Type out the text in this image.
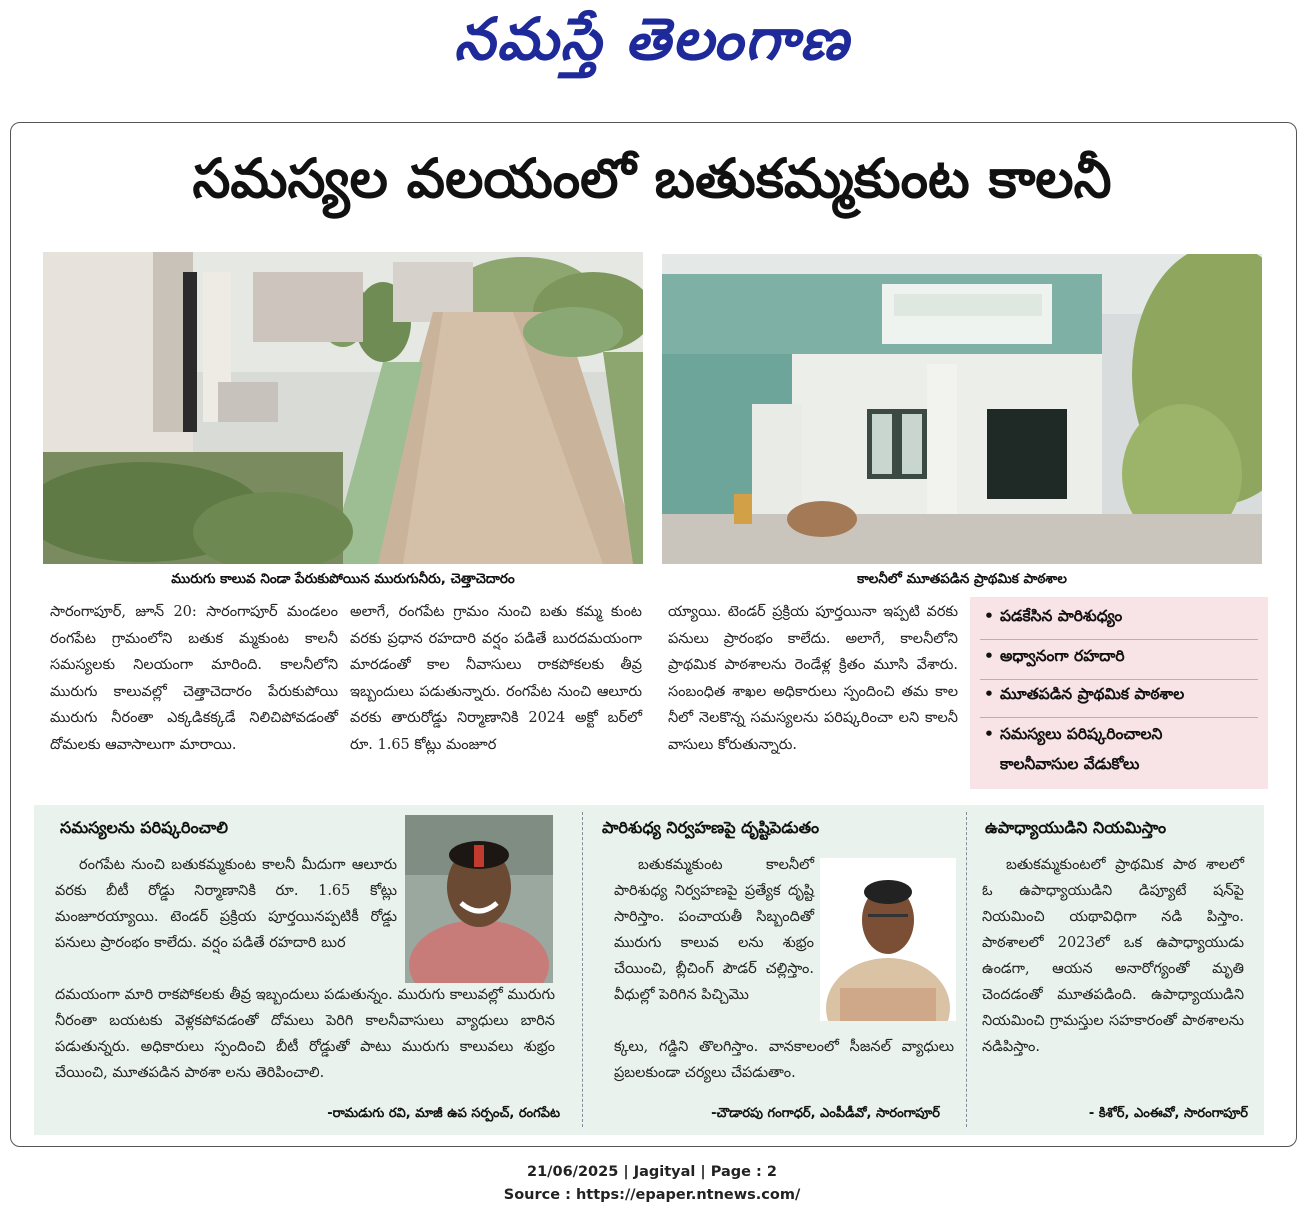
నమస్తే తెలంగాణ
సమస్యల వలయంలో బతుకమ్మకుంట కాలనీ
మురుగు కాలువ నిండా పేరుకుపోయిన మురుగునీరు, చెత్తాచెదారం	కాలనీలో మూతపడిన ప్రాథమిక పాఠశాల
సారంగాపూర్, జూన్ 20: సారంగాపూర్ మండలం రంగపేట గ్రామంలోని బతుక మ్మకుంట కాలనీ సమస్యలకు నిలయంగా మారింది. కాలనీలోని మురుగు కాలువల్లో చెత్తాచెదారం పేరుకుపోయి మురుగు నీరంతా ఎక్కడికక్కడే నిలిచిపోవడంతో దోమలకు ఆవాసాలుగా మారాయి.
అలాగే, రంగపేట గ్రామం నుంచి బతు కమ్మ కుంట వరకు ప్రధాన రహదారి వర్షం పడితే బురదమయంగా మారడంతో కాల నీవాసులు రాకపోకలకు తీవ్ర ఇబ్బందులు పడుతున్నారు. రంగపేట నుంచి ఆలూరు వరకు తారురోడ్డు నిర్మాణానికి 2024 అక్టో బర్‌లో రూ. 1.65 కోట్లు మంజూర
య్యాయి. టెండర్ ప్రక్రియ పూర్తయినా ఇప్పటి వరకు పనులు ప్రారంభం కాలేదు. అలాగే, కాలనీలోని ప్రాథమిక పాఠశాలను రెండేళ్ల క్రితం మూసి వేశారు. సంబంధిత శాఖల అధికారులు స్పందించి తమ కాల నీలో నెలకొన్న సమస్యలను పరిష్కరించా లని కాలనీ వాసులు కోరుతున్నారు.
• పడకేసిన పారిశుధ్యం
• అధ్వానంగా రహదారి
• మూతపడిన ప్రాథమిక పాఠశాల
• సమస్యలు పరిష్కరించాలని
కాలనీవాసుల వేడుకోలు
సమస్యలను పరిష్కరించాలి
రంగపేట నుంచి బతుకమ్మకుంట కాలనీ మీదుగా ఆలూరు వరకు బీటీ రోడ్డు నిర్మాణానికి రూ. 1.65 కోట్లు మంజూరయ్యాయి. టెండర్ ప్రక్రియ పూర్తయినప్పటికీ రోడ్డు పనులు ప్రారంభం కాలేదు. వర్షం పడితే రహదారి బుర
దమయంగా మారి రాకపోకలకు తీవ్ర ఇబ్బందులు పడుతున్నం. మురుగు కాలువల్లో మురుగు నీరంతా బయటకు వెళ్లకపోవడంతో దోమలు పెరిగి కాలనీవాసులు వ్యాధులు బారిన పడుతున్నరు. అధికారులు స్పందించి బీటీ రోడ్డుతో పాటు మురుగు కాలువలు శుభ్రం చేయించి, మూతపడిన పాఠశా లను తెరిపించాలి.
-రామడుగు రవి, మాజీ ఉప సర్పంచ్, రంగపేట
పారిశుధ్య నిర్వహణపై దృష్టిపెడుతం
బతుకమ్మకుంట కాలనీలో పారిశుధ్య నిర్వహణపై ప్రత్యేక దృష్టి సారిస్తాం. పంచాయతీ సిబ్బందితో మురుగు కాలువ లను శుభ్రం చేయించి, బ్లీచింగ్ పౌడర్ చల్లిస్తాం. వీధుల్లో పెరిగిన పిచ్చిమొ
క్కలు, గడ్డిని తొలగిస్తాం. వానకాలంలో సీజనల్ వ్యాధులు ప్రబలకుండా చర్యలు చేపడుతాం.
-చౌడారపు గంగాధర్, ఎంపీడీవో, సారంగాపూర్
ఉపాధ్యాయుడిని నియమిస్తాం
బతుకమ్మకుంటలో ప్రాథమిక పాఠ శాలలో ఓ ఉపాధ్యాయుడిని డిప్యూటే షన్‌పై నియమించి యథావిధిగా నడి పిస్తాం. పాఠశాలలో 2023లో ఒక ఉపాధ్యాయుడు ఉండగా, ఆయన అనారోగ్యంతో మృతి చెందడంతో మూతపడింది. ఉపాధ్యాయుడిని నియమించి గ్రామస్తుల సహకారంతో పాఠశాలను నడిపిస్తాం.
- కిశోర్, ఎంఈవో, సారంగాపూర్
21/06/2025 | Jagityal | Page : 2
Source : https://epaper.ntnews.com/
